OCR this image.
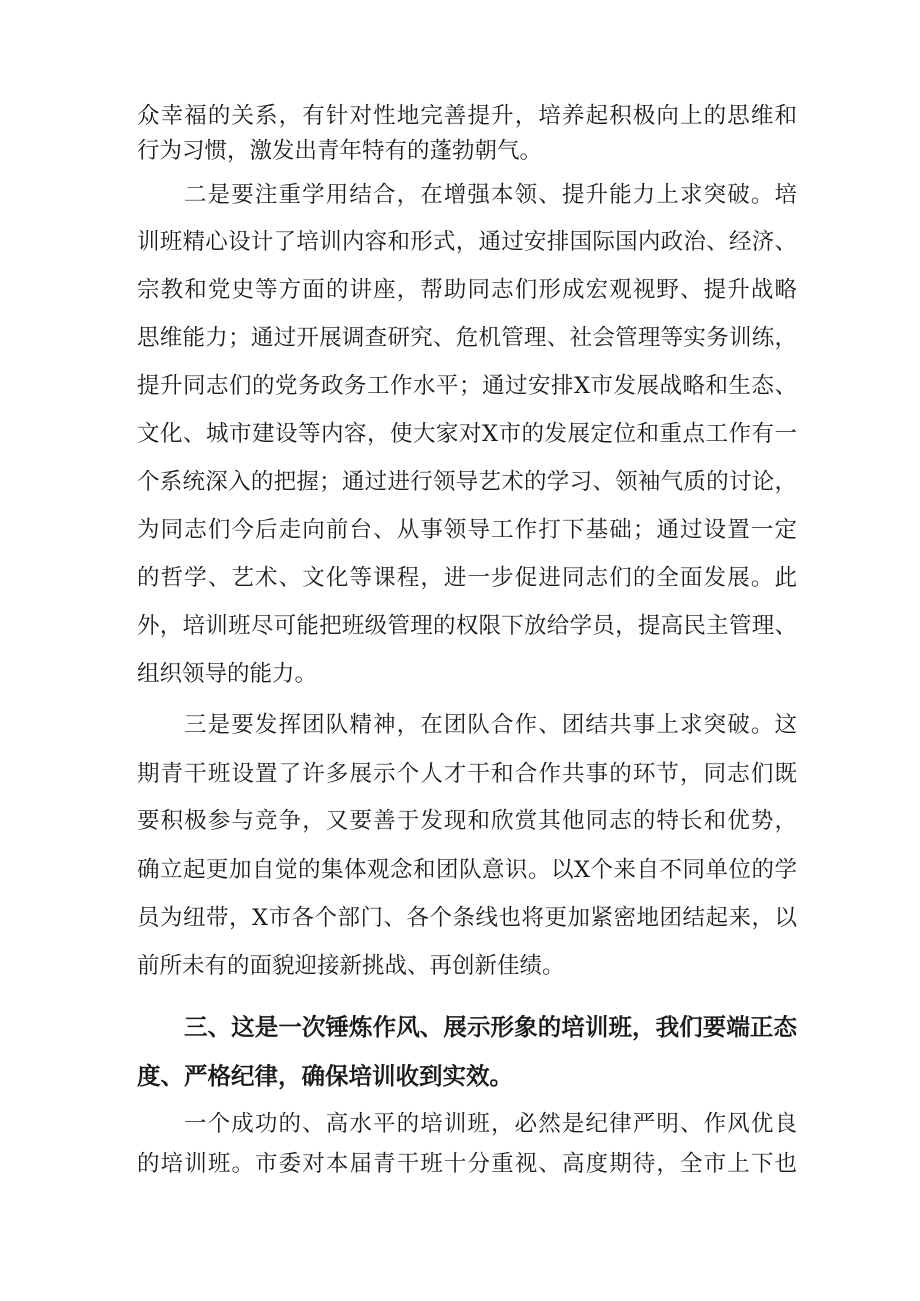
众幸福的关系，有针对性地完善提升，培养起积极向上的思维和
行为习惯，激发出青年特有的蓬勃朝气。
二是要注重学用结合，在增强本领、提升能力上求突破。培
训班精心设计了培训内容和形式，通过安排国际国内政治、经济、
宗教和党史等方面的讲座，帮助同志们形成宏观视野、提升战略
思维能力；通过开展调查研究、危机管理、社会管理等实务训练，
提升同志们的党务政务工作水平；通过安排X市发展战略和生态、
文化、城市建设等内容，使大家对X市的发展定位和重点工作有一
个系统深入的把握；通过进行领导艺术的学习、领袖气质的讨论，
为同志们今后走向前台、从事领导工作打下基础；通过设置一定
的哲学、艺术、文化等课程，进一步促进同志们的全面发展。此
外，培训班尽可能把班级管理的权限下放给学员，提高民主管理、
组织领导的能力。
三是要发挥团队精神，在团队合作、团结共事上求突破。这
期青干班设置了许多展示个人才干和合作共事的环节，同志们既
要积极参与竞争，又要善于发现和欣赏其他同志的特长和优势，
确立起更加自觉的集体观念和团队意识。以X个来自不同单位的学
员为纽带，X市各个部门、各个条线也将更加紧密地团结起来，以
前所未有的面貌迎接新挑战、再创新佳绩。
三、这是一次锤炼作风、展示形象的培训班，我们要端正态
度、严格纪律，确保培训收到实效。
一个成功的、高水平的培训班，必然是纪律严明、作风优良
的培训班。市委对本届青干班十分重视、高度期待，全市上下也
